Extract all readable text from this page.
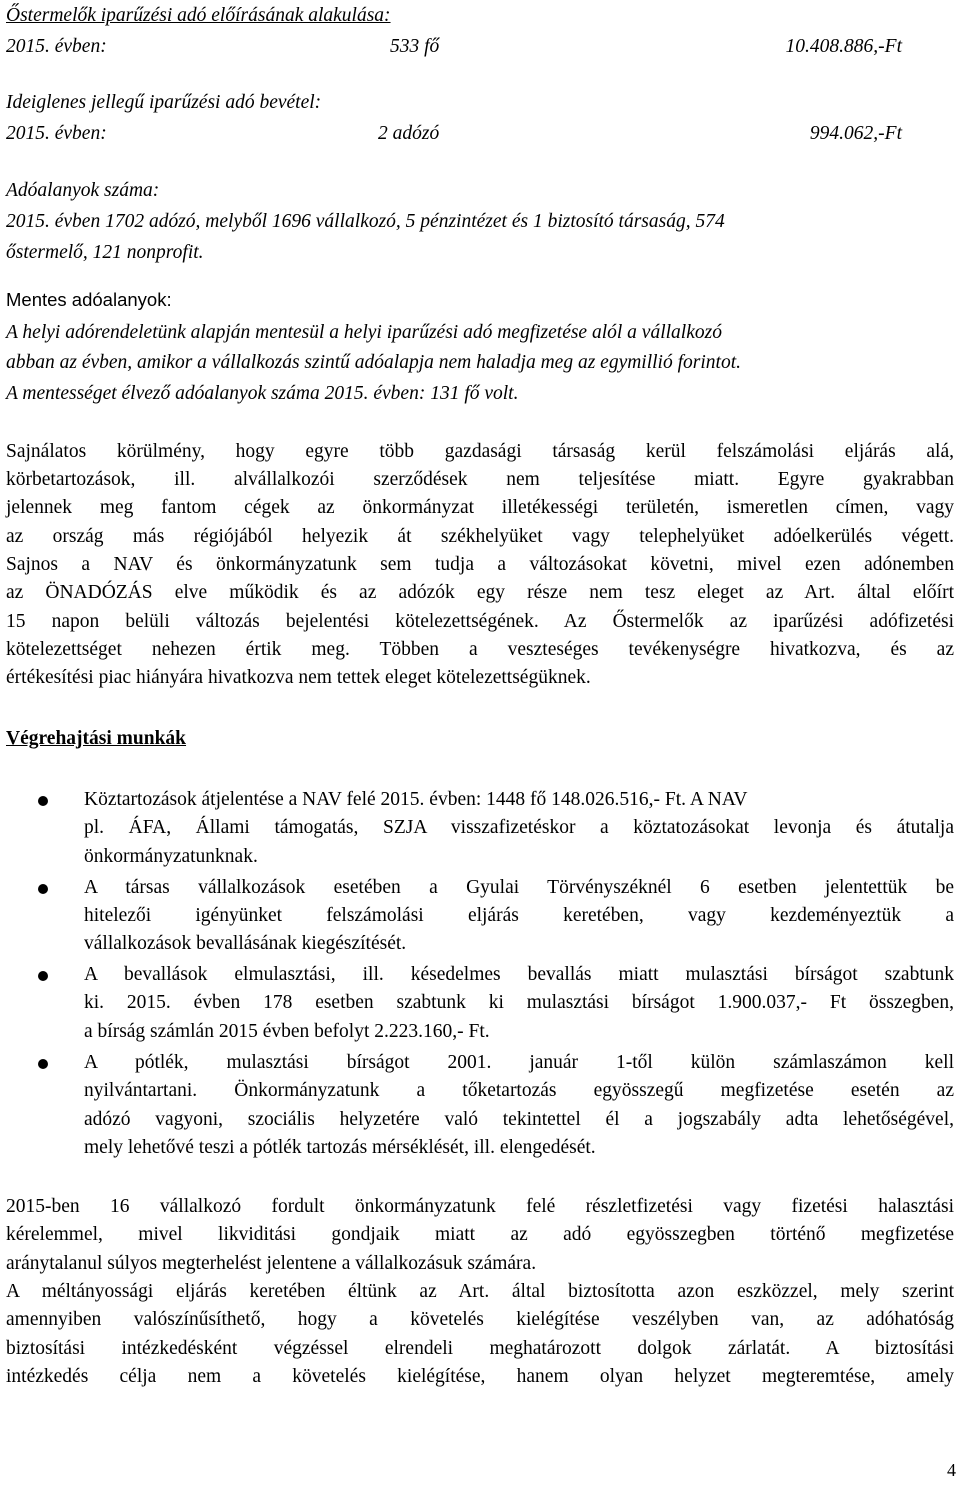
Őstermelők iparűzési adó előírásának alakulása:
2015. évben:	533 fő	10.408.886,-Ft
Ideiglenes jellegű iparűzési adó bevétel:
2015. évben:	2 adózó	994.062,-Ft
Adóalanyok száma:
2015. évben 1702 adózó, melyből 1696 vállalkozó, 5 pénzintézet és 1 biztosító társaság, 574
őstermelő, 121 nonprofit.
Mentes adóalanyok:
A helyi adórendeletünk alapján mentesül a helyi iparűzési adó megfizetése alól a vállalkozó
abban az évben, amikor a vállalkozás szintű adóalapja nem haladja meg az egymillió forintot.
A mentességet élvező adóalanyok száma 2015. évben: 131 fő volt.
Sajnálatos körülmény, hogy egyre több gazdasági társaság kerül felszámolási eljárás alá,
körbetartozások, ill. alvállalkozói szerződések nem teljesítése miatt. Egyre gyakrabban
jelennek meg fantom cégek az önkormányzat illetékességi területén, ismeretlen címen, vagy
az ország más régiójából helyezik át székhelyüket vagy telephelyüket adóelkerülés végett.
Sajnos a NAV és önkormányzatunk sem tudja a változásokat követni, mivel ezen adónemben
az ÖNADÓZÁS elve működik és az adózók egy része nem tesz eleget az Art. által előírt
15 napon belüli változás bejelentési kötelezettségének. Az Őstermelők az iparűzési adófizetési
kötelezettséget nehezen értik meg. Többen a veszteséges tevékenységre hivatkozva, és az
értékesítési piac hiányára hivatkozva nem tettek eleget kötelezettségüknek.
Végrehajtási munkák
Köztartozások átjelentése a NAV felé 2015. évben: 1448 fő 148.026.516,- Ft. A NAV
pl. ÁFA, Állami támogatás, SZJA visszafizetéskor a köztatozásokat levonja és átutalja
önkormányzatunknak.
A társas vállalkozások esetében a Gyulai Törvényszéknél 6 esetben jelentettük be
hitelezői igényünket felszámolási eljárás keretében, vagy kezdeményeztük a
vállalkozások bevallásának kiegészítését.
A bevallások elmulasztási, ill. késedelmes bevallás miatt mulasztási bírságot szabtunk
ki. 2015. évben 178 esetben szabtunk ki mulasztási bírságot 1.900.037,- Ft összegben,
a bírság számlán 2015 évben befolyt 2.223.160,- Ft.
A pótlék, mulasztási bírságot 2001. január 1-től külön számlaszámon kell
nyilvántartani. Önkormányzatunk a tőketartozás egyösszegű megfizetése esetén az
adózó vagyoni, szociális helyzetére való tekintettel él a jogszabály adta lehetőségével,
mely lehetővé teszi a pótlék tartozás mérséklését, ill. elengedését.
2015-ben 16 vállalkozó fordult önkormányzatunk felé részletfizetési vagy fizetési halasztási
kérelemmel, mivel likviditási gondjaik miatt az adó egyösszegben történő megfizetése
aránytalanul súlyos megterhelést jelentene a vállalkozásuk számára.
A méltányossági eljárás keretében éltünk az Art. által biztosította azon eszközzel, mely szerint
amennyiben valószínűsíthető, hogy a követelés kielégítése veszélyben van, az adóhatóság
biztosítási intézkedésként végzéssel elrendeli meghatározott dolgok zárlatát. A biztosítási
intézkedés célja nem a követelés kielégítése, hanem olyan helyzet megteremtése, amely
4
